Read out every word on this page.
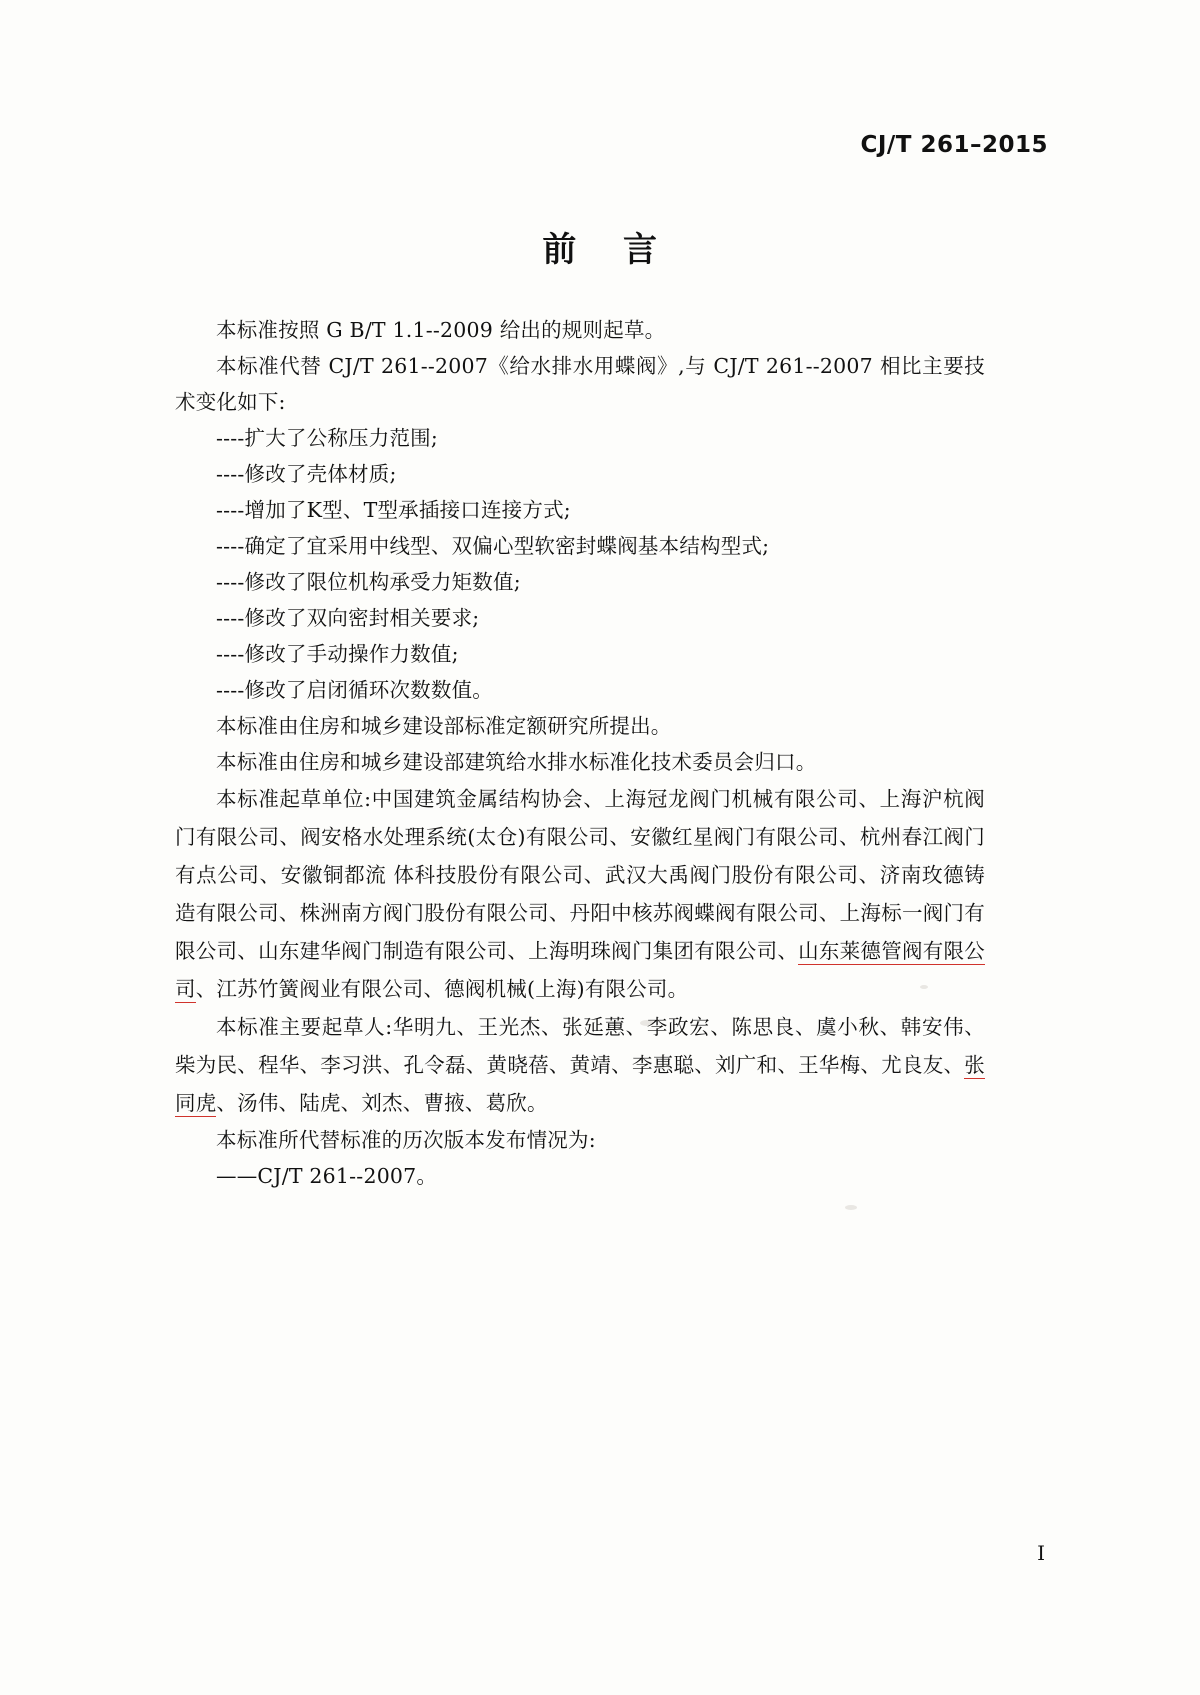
CJ/T 261–2015
前 言

本标准按照 G B/T 1.1--2009 给出的规则起草。

本标准代替 CJ/T 261--2007《给水排水用蝶阀》,与 CJ/T 261--2007 相比主要技术变化如下:

----扩大了公称压力范围;

----修改了壳体材质;

----增加了K型、T型承插接口连接方式;

----确定了宜采用中线型、双偏心型软密封蝶阀基本结构型式;

----修改了限位机构承受力矩数值;

----修改了双向密封相关要求;

----修改了手动操作力数值;

----修改了启闭循环次数数值。

本标准由住房和城乡建设部标准定额研究所提出。

本标准由住房和城乡建设部建筑给水排水标准化技术委员会归口。

本标准起草单位:中国建筑金属结构协会、上海冠龙阀门机械有限公司、上海沪杭阀门有限公司、阀安格水处理系统(太仓)有限公司、安徽红星阀门有限公司、杭州春江阀门有点公司、安徽铜都流 体科技股份有限公司、武汉大禹阀门股份有限公司、济南玫德铸造有限公司、株洲南方阀门股份有限公司、丹阳中核苏阀蝶阀有限公司、上海标一阀门有限公司、山东建华阀门制造有限公司、上海明珠阀门集团有限公司、山东莱德管阀有限公司、江苏竹簧阀业有限公司、德阀机械(上海)有限公司。

本标准主要起草人:华明九、王光杰、张延蕙、李政宏、陈思良、虞小秋、韩安伟、柴为民、程华、李习洪、孔令磊、黄晓蓓、黄靖、李惠聪、刘广和、王华梅、尤良友、张同虎、汤伟、陆虎、刘杰、曹掖、葛欣。

本标准所代替标准的历次版本发布情况为:

——CJ/T 261--2007。

I
